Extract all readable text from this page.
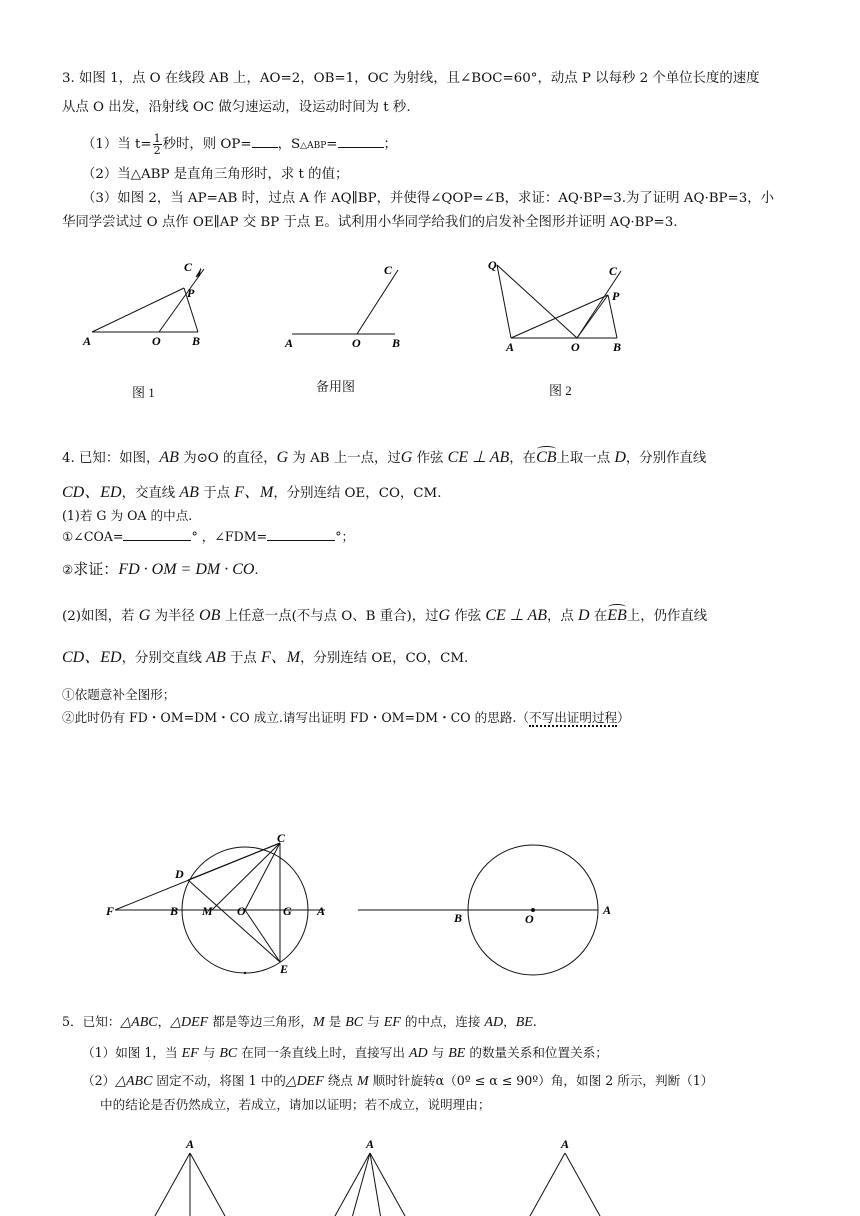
3. 如图 1，点 O 在线段 AB 上，AO=2，OB=1，OC 为射线，且∠BOC=60°，动点 P 以每秒 2 个单位长度的速度
从点 O 出发，沿射线 OC 做匀速运动，设运动时间为 t 秒.
（1）当 $t= \frac{1}{2}$ 秒时，则 OP= ，S△ABP=	；
（2）当△ABP 是直角三角形时，求 t 的值；
（3）如图 2，当 AP=AB 时，过点 A 作 AQ∥BP，并使得∠QOP=∠B，求证：AQ·BP=3.为了证明 AQ·BP=3，小
华同学尝试过 O 点作 OE∥AP 交 BP 于点 E。试利用小华同学给我们的启发补全图形并证明 AQ·BP=3.
A	O	B
C
P
图 1
A	O	B
C
备用图
Q	C
P
A	O	B
图 2
4. 已知：如图，AB 为⊙O 的直径，G 为 AB 上一点，过G 作弦 CE ⊥ AB，在CB上取一点 D，分别作直线
CD、ED，交直线 AB 于点 F、M，分别连结 OE，CO，CM.
(1)若 G 为 OA 的中点.
①∠COA=	° ，∠FDM=	°；
②求证：FD · OM = DM · CO.
(2)如图，若 G 为半径 OB 上任意一点(不与点 O、B 重合)，过G 作弦 CE ⊥ AB，点 D 在EB上，仍作直线
CD、ED，分别交直线 AB 于点 F、M，分别连结 OE，CO，CM.
①依题意补全图形；
②此时仍有 FD・OM=DM・CO 成立.请写出证明 FD・OM=DM・CO 的思路.（不写出证明过程）
C
D
F	B M O	G A
E
B	O
A
5．已知：△ABC，△DEF 都是等边三角形，M 是 BC 与 EF 的中点，连接 AD，BE.
（1）如图 1，当 EF 与 BC 在同一条直线上时，直接写出 AD 与 BE 的数量关系和位置关系；
（2）△ABC 固定不动，将图 1 中的△DEF 绕点 M 顺时针旋转α（0º ≤ α ≤ 90º）角，如图 2 所示，判断（1）
中的结论是否仍然成立，若成立，请加以证明；若不成立，说明理由；
A	A	A
